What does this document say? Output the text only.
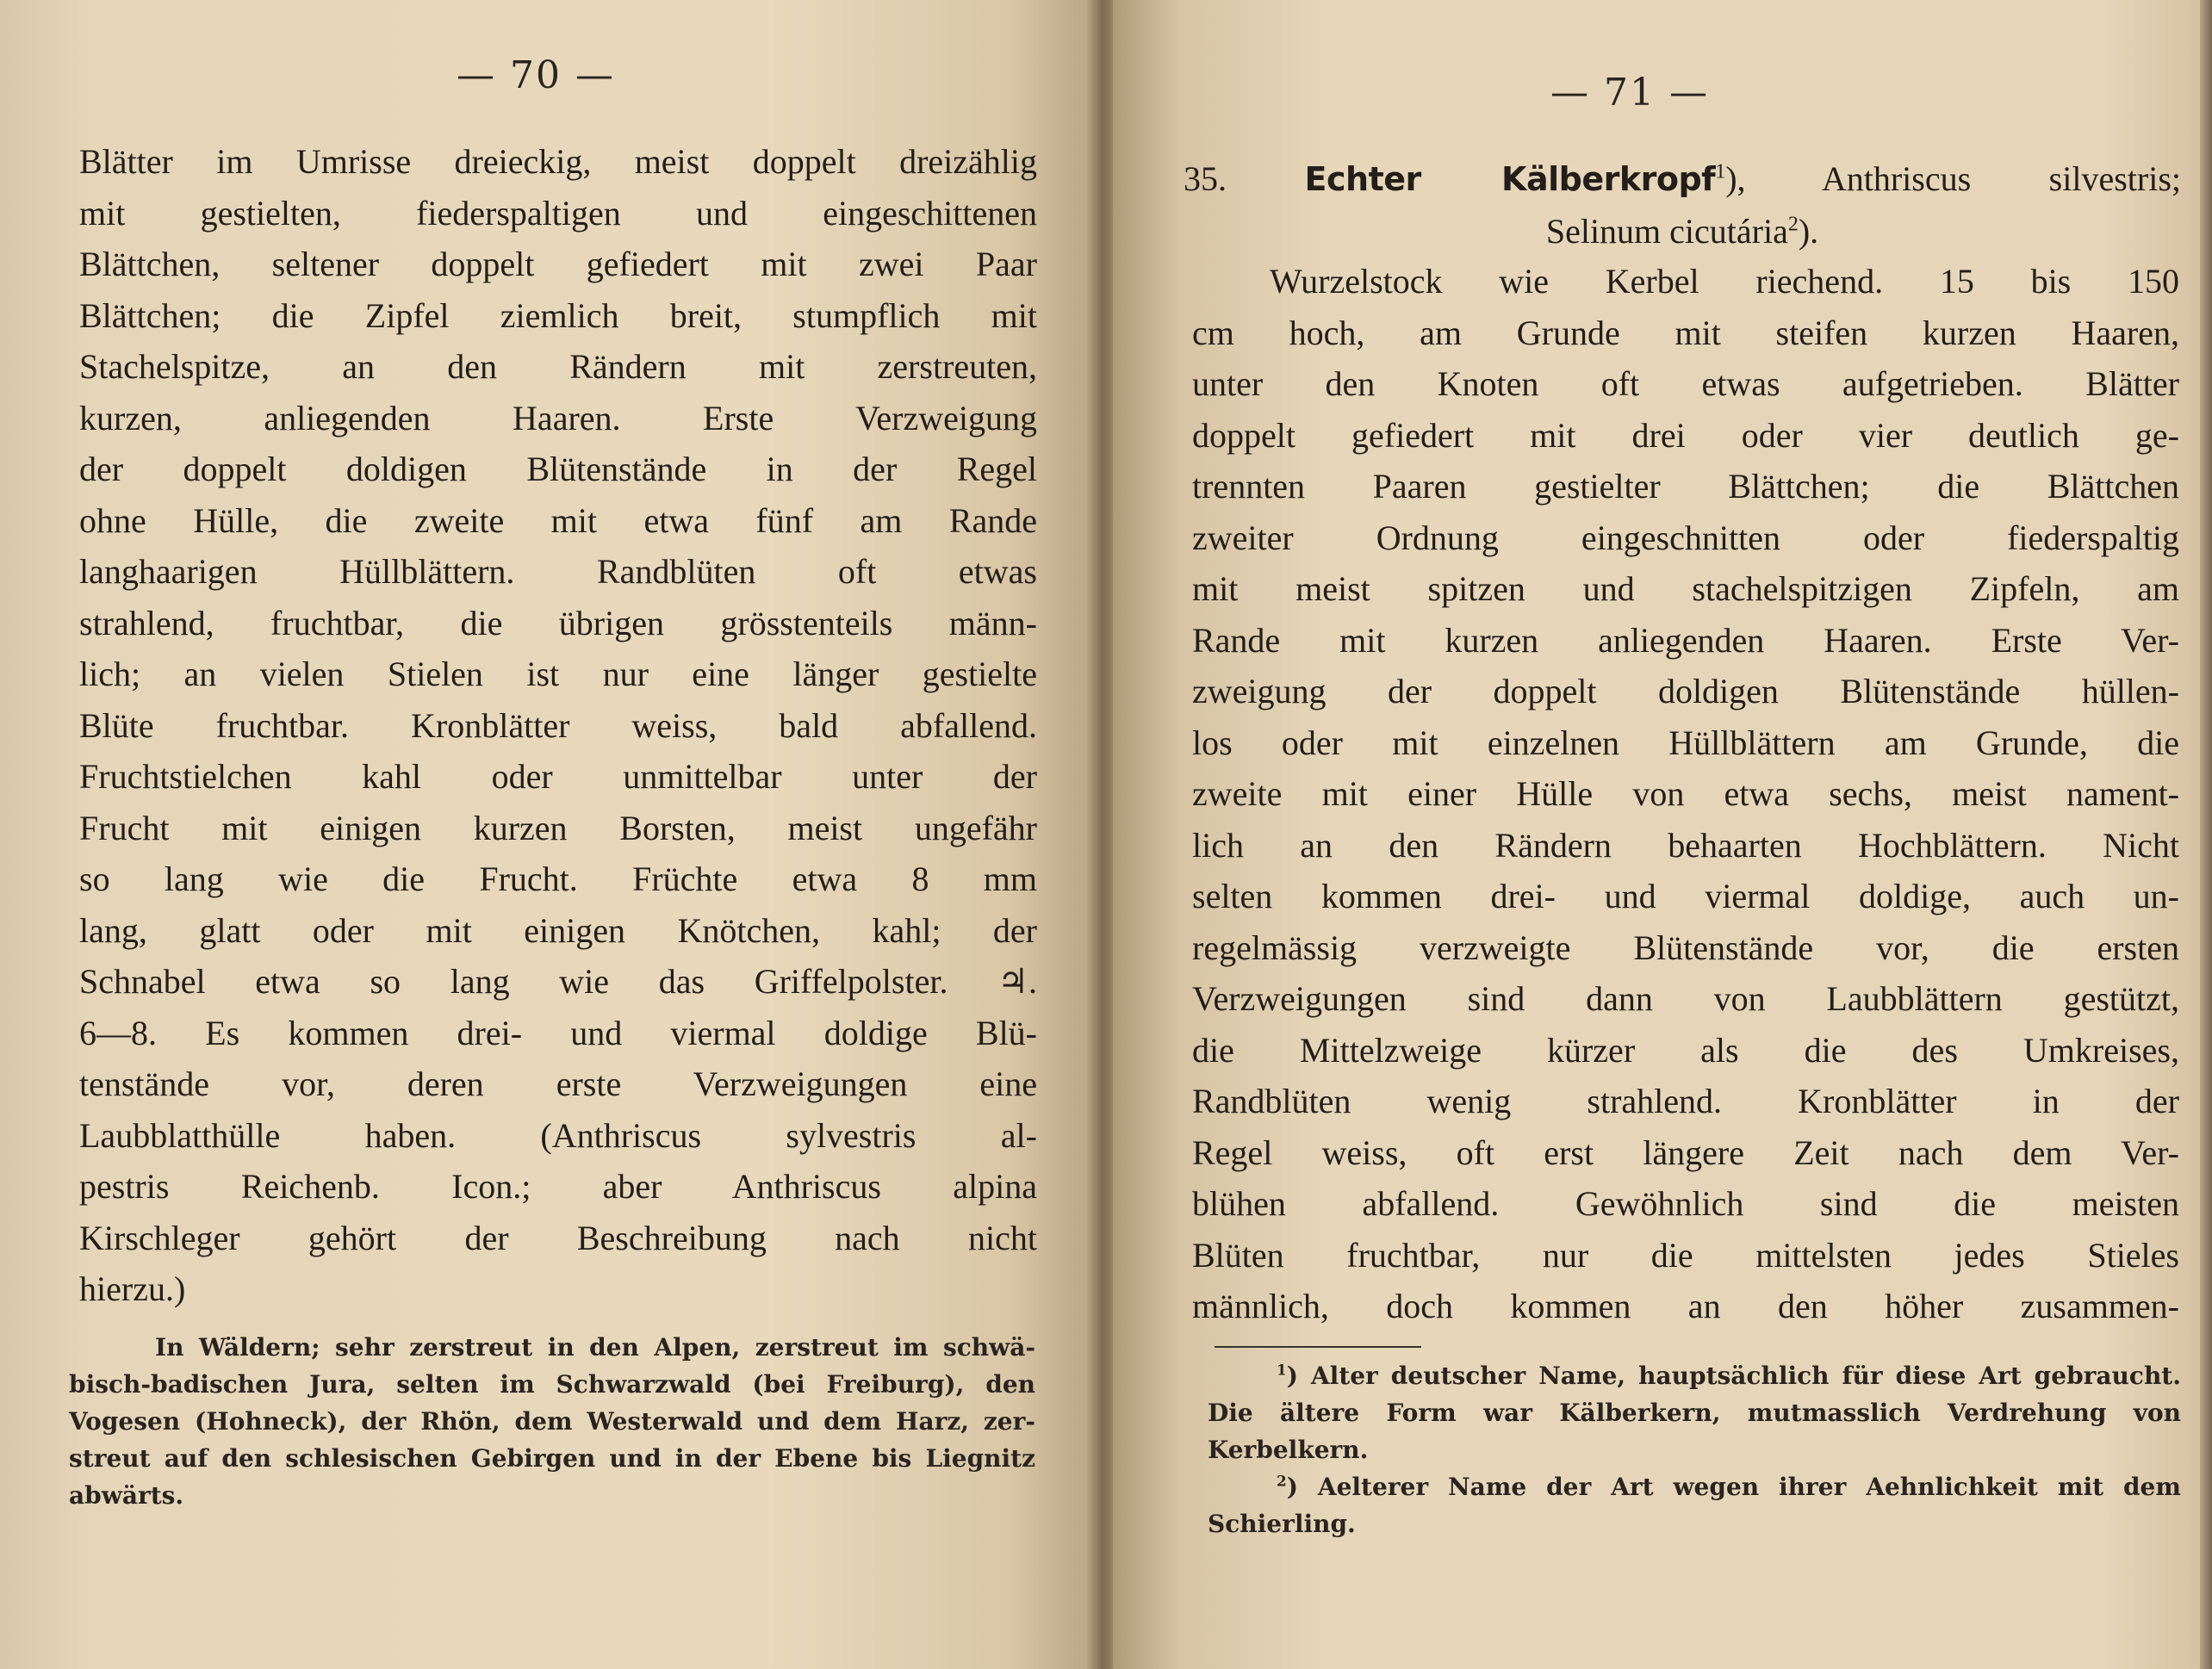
— 70 —
Blätter im Umrisse dreieckig, meist doppelt dreizählig
mit gestielten, fiederspaltigen und eingeschittenen
Blättchen, seltener doppelt gefiedert mit zwei Paar
Blättchen; die Zipfel ziemlich breit, stumpflich mit
Stachelspitze, an den Rändern mit zerstreuten,
kurzen, anliegenden Haaren. Erste Verzweigung
der doppelt doldigen Blütenstände in der Regel
ohne Hülle, die zweite mit etwa fünf am Rande
langhaarigen Hüllblättern. Randblüten oft etwas
strahlend, fruchtbar, die übrigen grösstenteils männ-
lich; an vielen Stielen ist nur eine länger gestielte
Blüte fruchtbar. Kronblätter weiss, bald abfallend.
Fruchtstielchen kahl oder unmittelbar unter der
Frucht mit einigen kurzen Borsten, meist ungefähr
so lang wie die Frucht. Früchte etwa 8 mm
lang, glatt oder mit einigen Knötchen, kahl; der
Schnabel etwa so lang wie das Griffelpolster. ♃.
6—8. Es kommen drei- und viermal doldige Blü-
tenstände vor, deren erste Verzweigungen eine
Laubblatthülle haben. (Anthriscus sylvestris al-
pestris Reichenb. Icon.; aber Anthriscus alpina
Kirschleger gehört der Beschreibung nach nicht
hierzu.)
In Wäldern; sehr zerstreut in den Alpen, zerstreut im schwä-
bisch-badischen Jura, selten im Schwarzwald (bei Freiburg), den
Vogesen (Hohneck), der Rhön, dem Westerwald und dem Harz, zer-
streut auf den schlesischen Gebirgen und in der Ebene bis Liegnitz
abwärts.
— 71 —
35. Echter Kälberkropf$^1$), Anthriscus silvestris;
Selinum cicutária$^2$).
Wurzelstock wie Kerbel riechend. 15 bis 150
cm hoch, am Grunde mit steifen kurzen Haaren,
unter den Knoten oft etwas aufgetrieben. Blätter
doppelt gefiedert mit drei oder vier deutlich ge-
trennten Paaren gestielter Blättchen; die Blättchen
zweiter Ordnung eingeschnitten oder fiederspaltig
mit meist spitzen und stachelspitzigen Zipfeln, am
Rande mit kurzen anliegenden Haaren. Erste Ver-
zweigung der doppelt doldigen Blütenstände hüllen-
los oder mit einzelnen Hüllblättern am Grunde, die
zweite mit einer Hülle von etwa sechs, meist nament-
lich an den Rändern behaarten Hochblättern. Nicht
selten kommen drei- und viermal doldige, auch un-
regelmässig verzweigte Blütenstände vor, die ersten
Verzweigungen sind dann von Laubblättern gestützt,
die Mittelzweige kürzer als die des Umkreises,
Randblüten wenig strahlend. Kronblätter in der
Regel weiss, oft erst längere Zeit nach dem Ver-
blühen abfallend. Gewöhnlich sind die meisten
Blüten fruchtbar, nur die mittelsten jedes Stieles
männlich, doch kommen an den höher zusammen-
$^1$) Alter deutscher Name, hauptsächlich für diese Art gebraucht.
Die ältere Form war Kälberkern, mutmasslich Verdrehung von
Kerbelkern.
$^2$) Aelterer Name der Art wegen ihrer Aehnlichkeit mit dem
Schierling.
